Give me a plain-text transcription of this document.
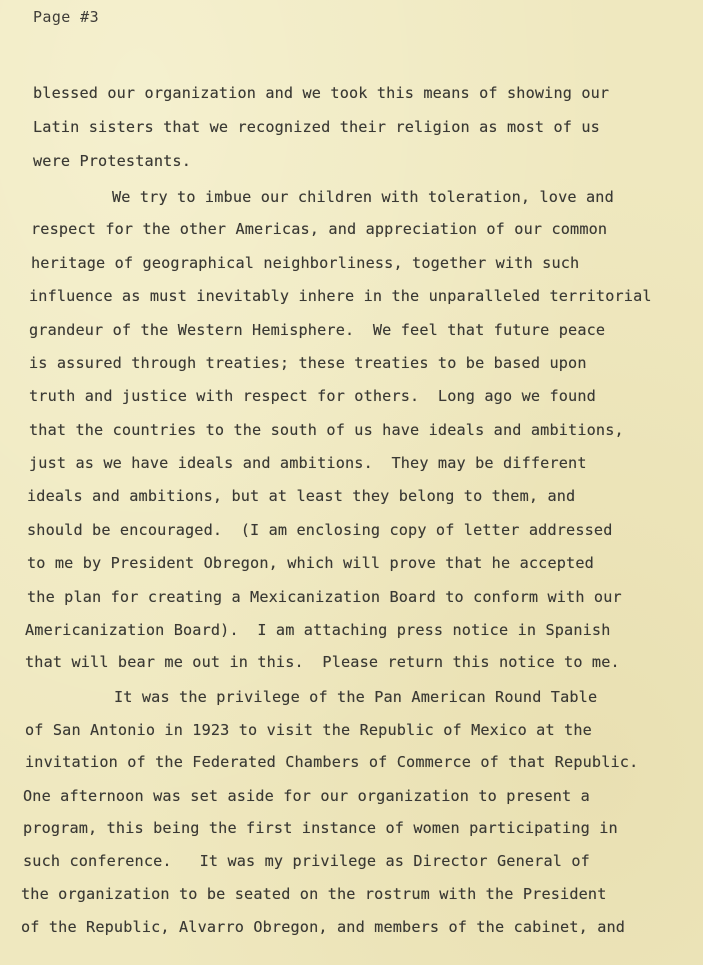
Page #3
blessed our organization and we took this means of showing our
Latin sisters that we recognized their religion as most of us
were Protestants.
We try to imbue our children with toleration, love and
respect for the other Americas, and appreciation of our common
heritage of geographical neighborliness, together with such
influence as must inevitably inhere in the unparalleled territorial
grandeur of the Western Hemisphere.  We feel that future peace
is assured through treaties; these treaties to be based upon
truth and justice with respect for others.  Long ago we found
that the countries to the south of us have ideals and ambitions,
just as we have ideals and ambitions.  They may be different
ideals and ambitions, but at least they belong to them, and
should be encouraged.  (I am enclosing copy of letter addressed
to me by President Obregon, which will prove that he accepted
the plan for creating a Mexicanization Board to conform with our
Americanization Board).  I am attaching press notice in Spanish
that will bear me out in this.  Please return this notice to me.
It was the privilege of the Pan American Round Table
of San Antonio in 1923 to visit the Republic of Mexico at the
invitation of the Federated Chambers of Commerce of that Republic.
One afternoon was set aside for our organization to present a
program, this being the first instance of women participating in
such conference.   It was my privilege as Director General of
the organization to be seated on the rostrum with the President
of the Republic, Alvarro Obregon, and members of the cabinet, and
